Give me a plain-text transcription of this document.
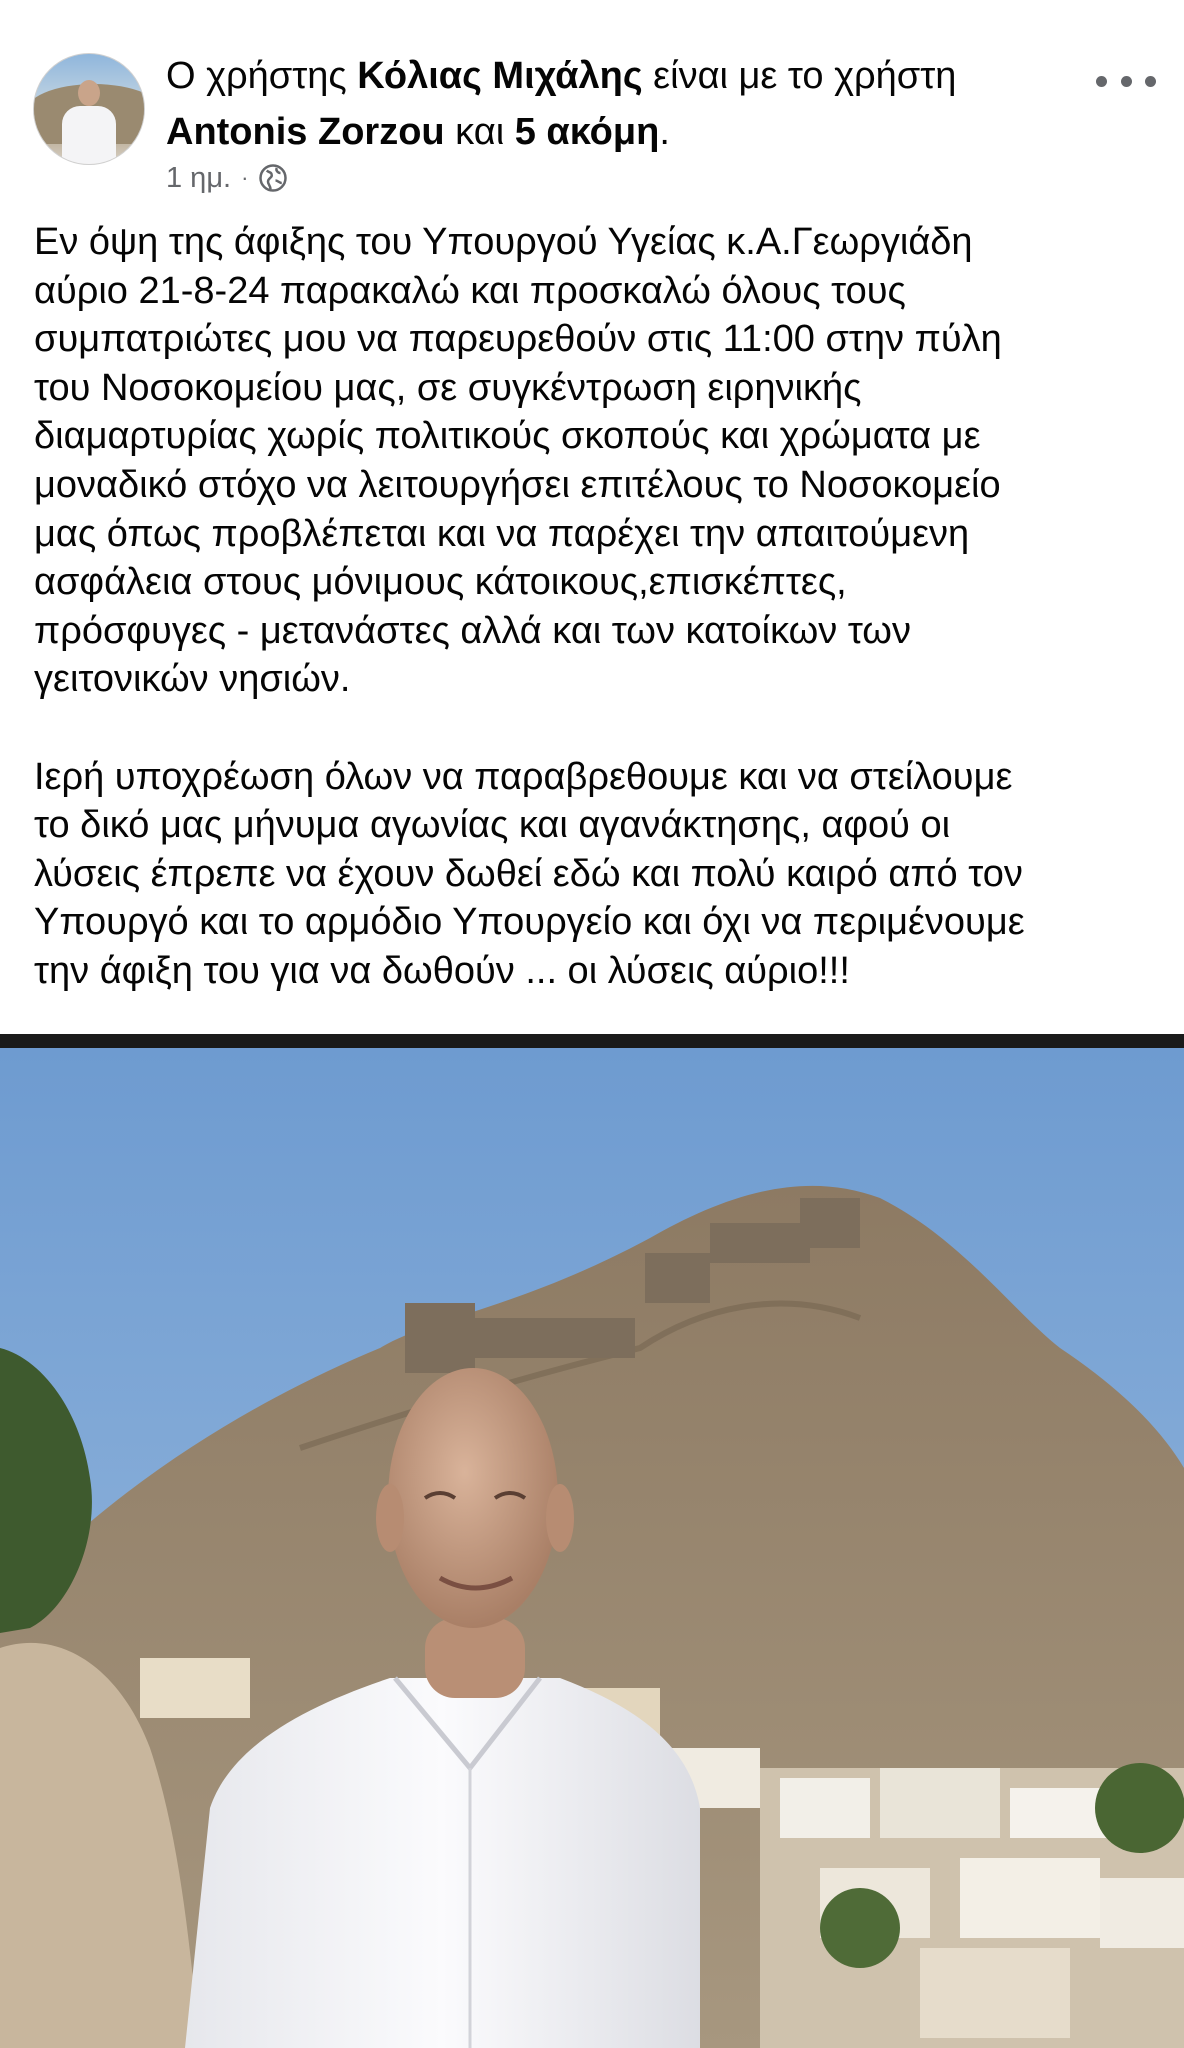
Ο χρήστης Κόλιας Μιχάλης είναι με το χρήστη
Antonis Zorzou και 5 ακόμη.
1 ημ. ·
Εν όψη της άφιξης του Υπουργού Υγείας κ.Α.Γεωργιάδη
αύριο 21-8-24 παρακαλώ και προσκαλώ όλους τους
συμπατριώτες μου να παρευρεθούν στις 11:00 στην πύλη
του Νοσοκομείου μας, σε συγκέντρωση ειρηνικής
διαμαρτυρίας χωρίς πολιτικούς σκοπούς και χρώματα με
μοναδικό στόχο να λειτουργήσει επιτέλους το Νοσοκομείο
μας όπως προβλέπεται και να παρέχει την απαιτούμενη
ασφάλεια στους μόνιμους κάτοικους,επισκέπτες,
πρόσφυγες - μετανάστες αλλά και των κατοίκων των
γειτονικών νησιών.

Ιερή υποχρέωση όλων να παραβρεθουμε και να στείλουμε
το δικό μας μήνυμα αγωνίας και αγανάκτησης, αφού οι
λύσεις έπρεπε να έχουν δωθεί εδώ και πολύ καιρό από τον
Υπουργό και το αρμόδιο Υπουργείο και όχι να περιμένουμε
την άφιξη του για να δωθούν ... οι λύσεις αύριο!!!
